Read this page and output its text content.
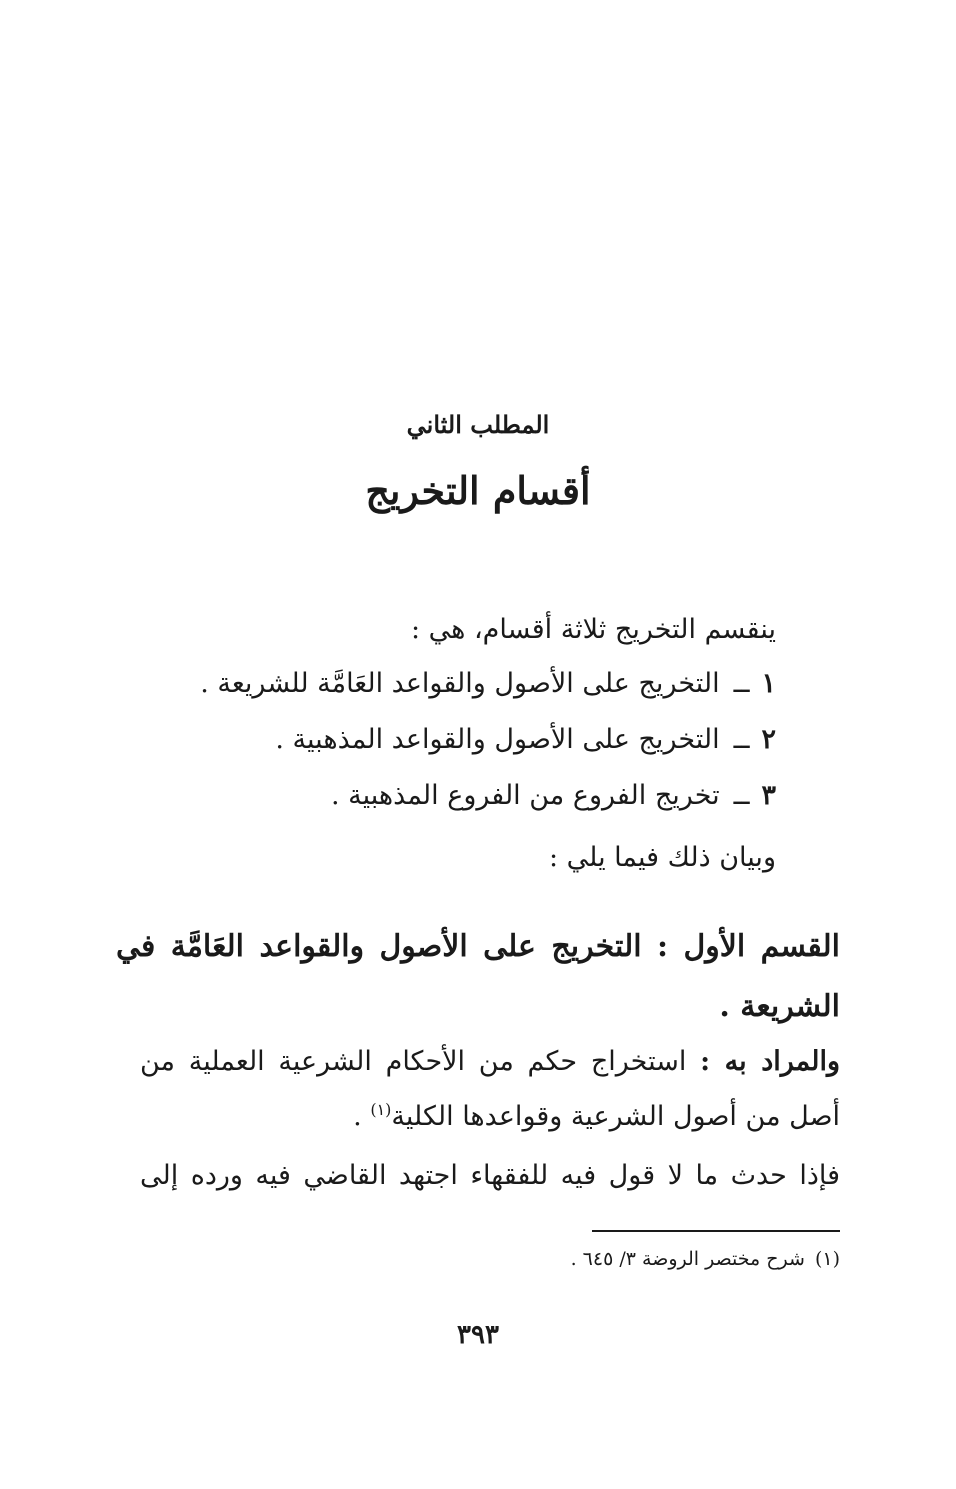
المطلب الثاني
أقسام التخريج
ينقسم التخريج ثلاثة أقسام، هي :
١ــالتخريج على الأصول والقواعد العَامَّة للشريعة .
٢ــالتخريج على الأصول والقواعد المذهبية .
٣ــتخريج الفروع من الفروع المذهبية .
وبيان ذلك فيما يلي :
القسم الأول : التخريج على الأصول والقواعد العَامَّة في
الشريعة .
والمراد به : استخراج حكم من الأحكام الشرعية العملية من
أصل من أصول الشرعية وقواعدها الكلية$^{(١)}$ .
فإذا حدث ما لا قول فيه للفقهاء اجتهد القاضي فيه ورده إلى
(١)شرح مختصر الروضة ٣/ ٦٤٥ .
٣٩٣
